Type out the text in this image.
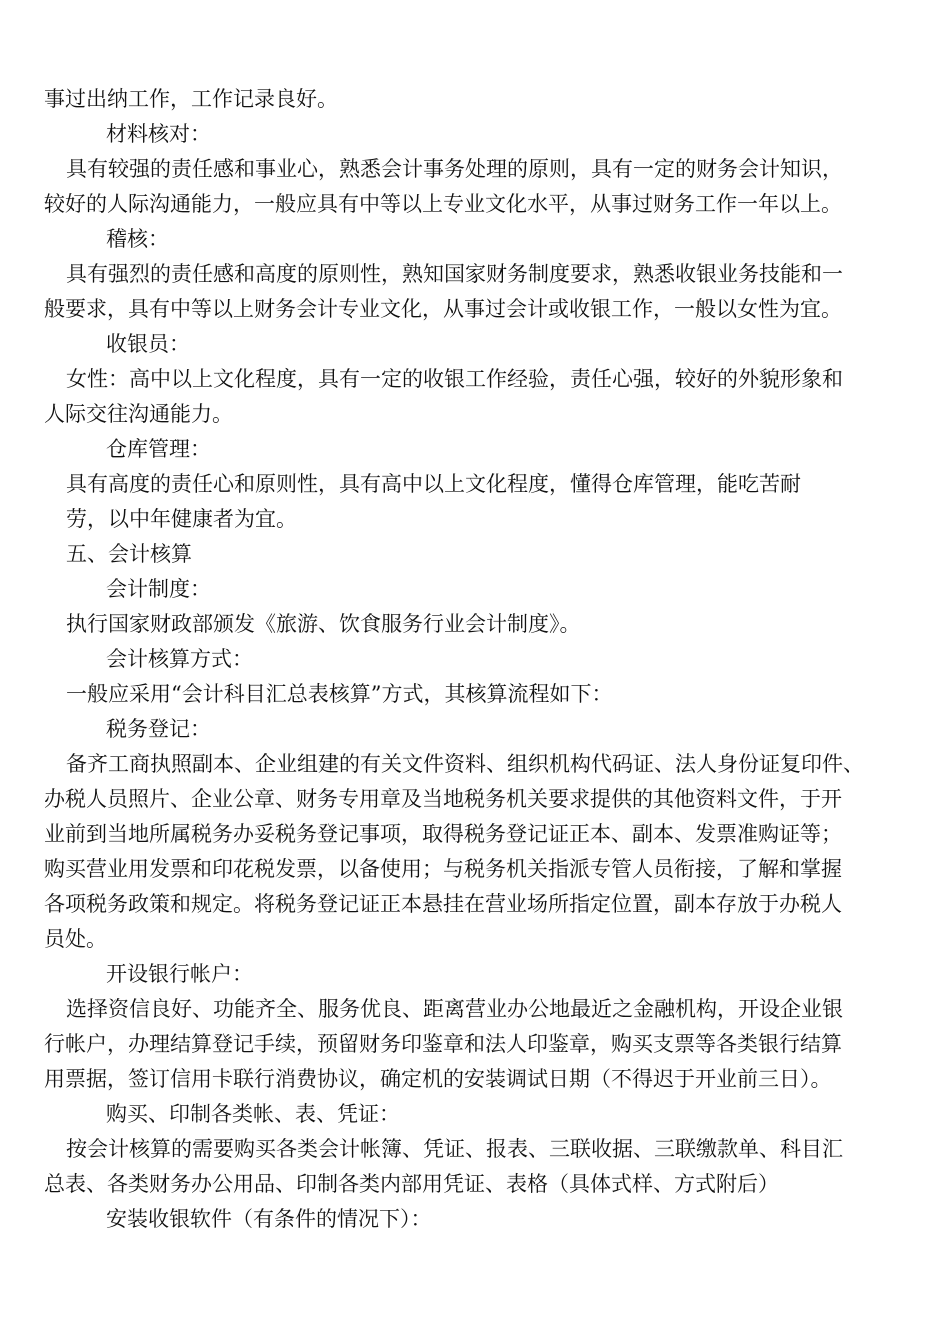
事过出纳工作，工作记录良好。
材料核对：
具有较强的责任感和事业心，熟悉会计事务处理的原则，具有一定的财务会计知识，
较好的人际沟通能力，一般应具有中等以上专业文化水平，从事过财务工作一年以上。
稽核：
具有强烈的责任感和高度的原则性，熟知国家财务制度要求，熟悉收银业务技能和一
般要求，具有中等以上财务会计专业文化，从事过会计或收银工作，一般以女性为宜。
收银员：
女性：高中以上文化程度，具有一定的收银工作经验，责任心强，较好的外貌形象和
人际交往沟通能力。
仓库管理：
具有高度的责任心和原则性，具有高中以上文化程度，懂得仓库管理，能吃苦耐
劳，以中年健康者为宜。
五、会计核算
会计制度：
执行国家财政部颁发《旅游、饮食服务行业会计制度》。
会计核算方式：
一般应采用“会计科目汇总表核算”方式，其核算流程如下：
税务登记：
备齐工商执照副本、企业组建的有关文件资料、组织机构代码证、法人身份证复印件、
办税人员照片、企业公章、财务专用章及当地税务机关要求提供的其他资料文件，于开
业前到当地所属税务办妥税务登记事项，取得税务登记证正本、副本、发票准购证等；
购买营业用发票和印花税发票，以备使用；与税务机关指派专管人员衔接，了解和掌握
各项税务政策和规定。将税务登记证正本悬挂在营业场所指定位置，副本存放于办税人
员处。
开设银行帐户：
选择资信良好、功能齐全、服务优良、距离营业办公地最近之金融机构，开设企业银
行帐户，办理结算登记手续，预留财务印鉴章和法人印鉴章，购买支票等各类银行结算
用票据，签订信用卡联行消费协议，确定机的安装调试日期（不得迟于开业前三日）。
购买、印制各类帐、表、凭证：
按会计核算的需要购买各类会计帐簿、凭证、报表、三联收据、三联缴款单、科目汇
总表、各类财务办公用品、印制各类内部用凭证、表格（具体式样、方式附后）
安装收银软件（有条件的情况下）：
